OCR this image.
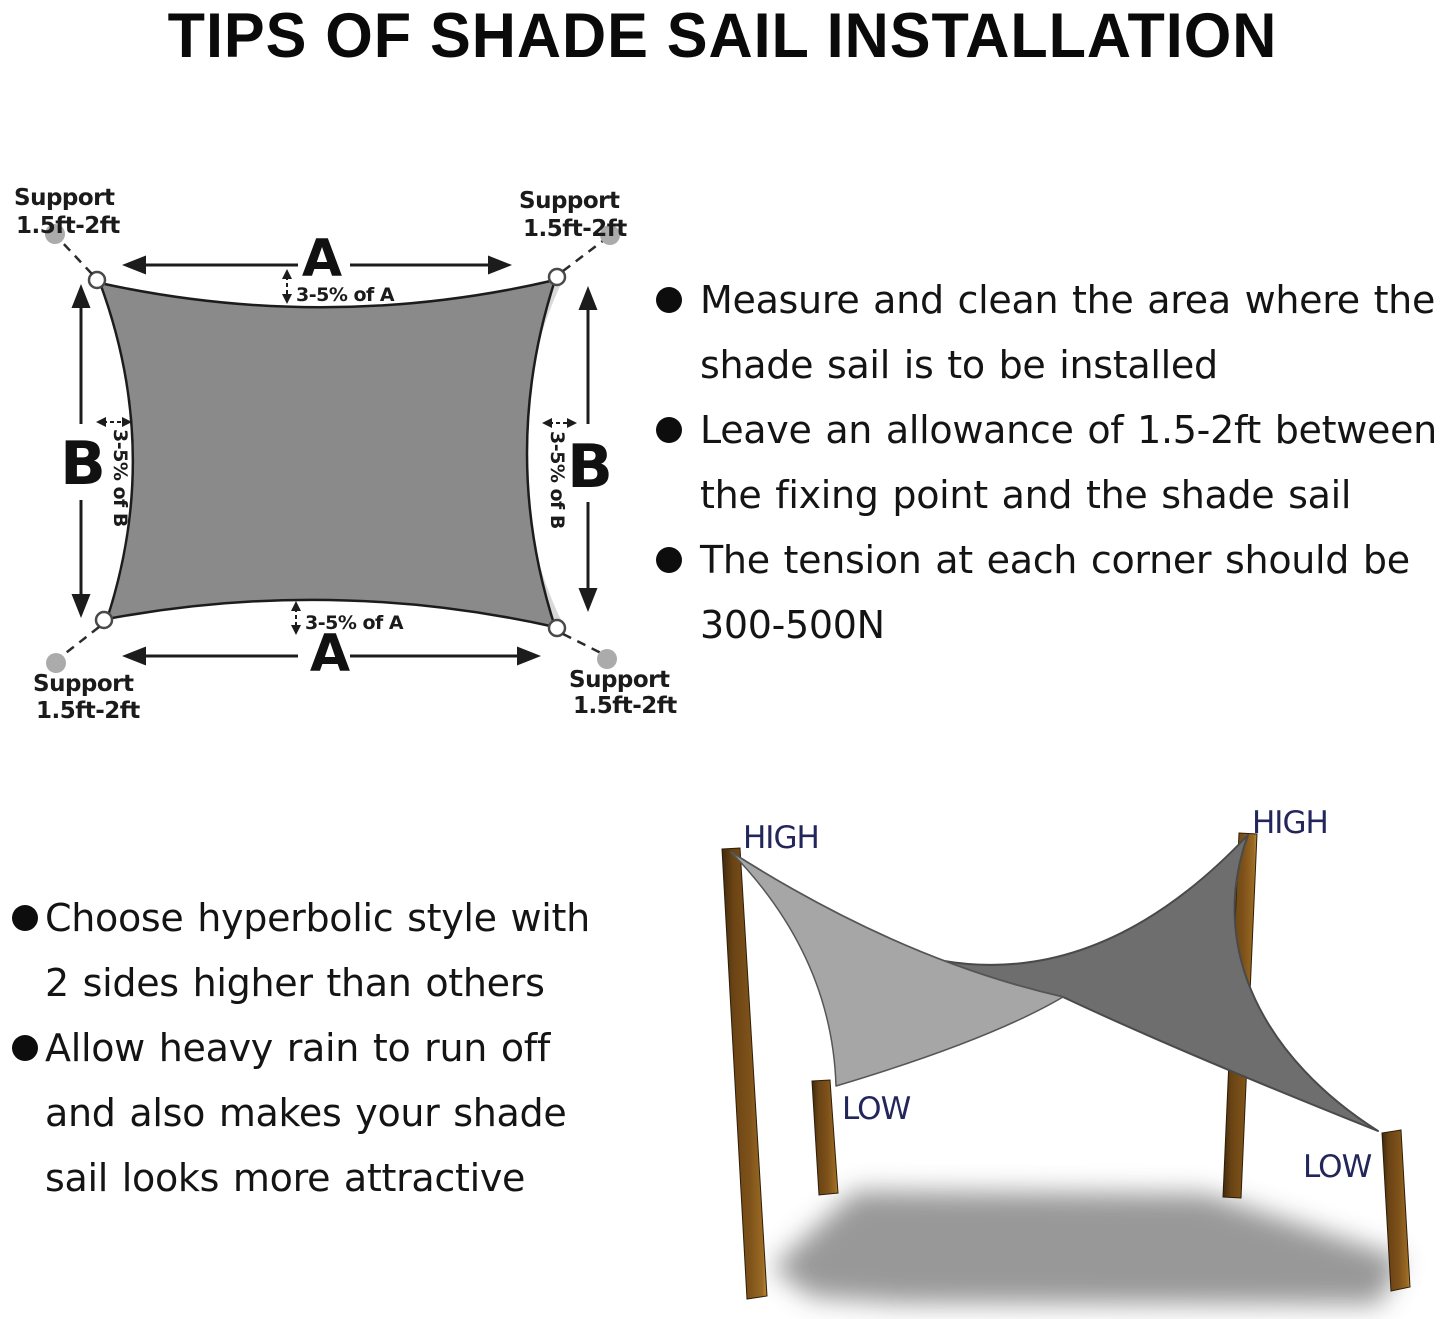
TIPS OF SHADE SAIL INSTALLATION
Support
1.5ft-2ft
Support
1.5ft-2ft
Support
1.5ft-2ft
Support
1.5ft-2ft
A
3-5% of A
3-5% of A
A
B 3-5% of B	B
3-5% of B
Measure and clean the area where the
shade sail is to be installed
Leave an allowance of 1.5-2ft between
the fixing point and the shade sail
The tension at each corner should be
300-500N
Choose hyperbolic style with
2 sides higher than others
Allow heavy rain to run off
and also makes your shade
sail looks more attractive
HIGH	HIGH
LOW
LOW
